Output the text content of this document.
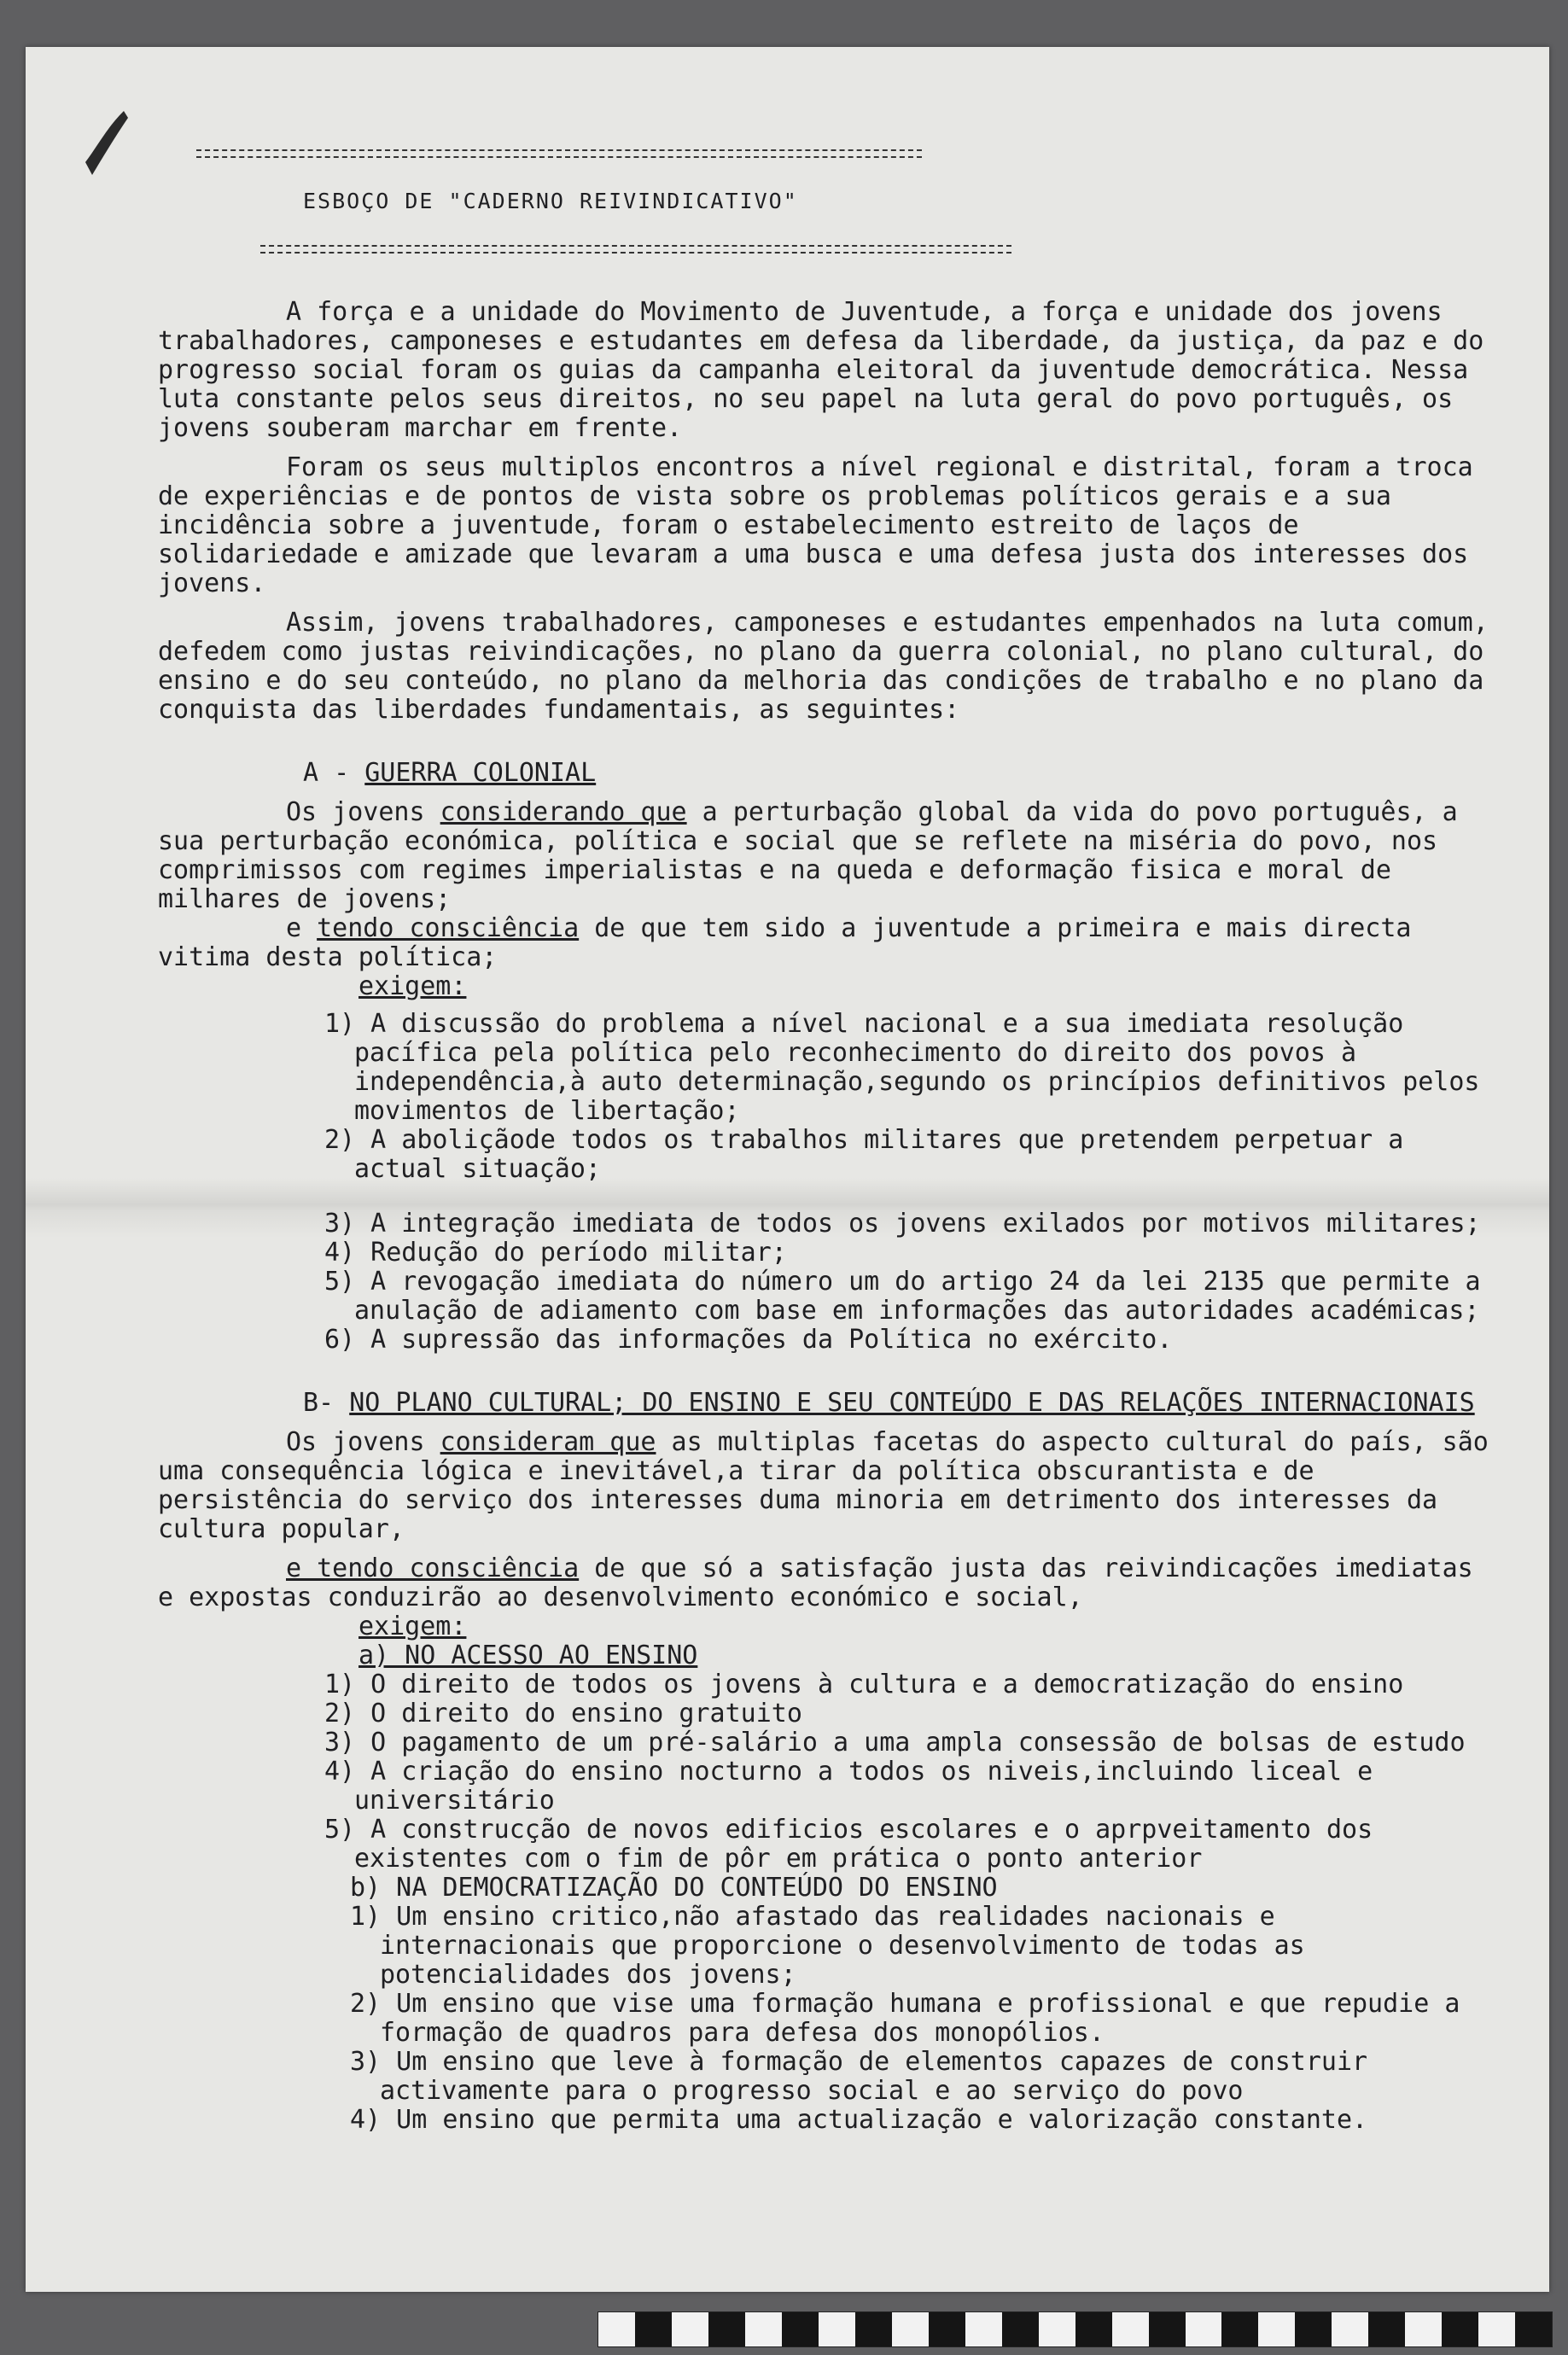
ESBOÇO DE "CADERNO REIVINDICATIVO"

A força e a unidade do Movimento de Juventude, a força e unidade dos jovens trabalhadores, camponeses e estudantes em defesa da liberdade, da justiça, da paz e do progresso social foram os guias da campanha eleitoral da juventude democrática. Nessa luta constante pelos seus direitos, no seu papel na luta geral do povo português, os jovens souberam marchar em frente.

Foram os seus multiplos encontros a nível regional e distrital, foram a troca de experiências e de pontos de vista sobre os problemas políticos gerais e a sua incidência sobre a juventude, foram o estabelecimento estreito de laços de solidariedade e amizade que levaram a uma busca e uma defesa justa dos interesses dos jovens.

Assim, jovens trabalhadores, camponeses e estudantes empenhados na luta comum, defedem como justas reivindicações, no plano da guerra colonial, no plano cultural, do ensino e do seu conteúdo, no plano da melhoria das condições de trabalho e no plano da conquista das liberdades fundamentais, as seguintes:

A - GUERRA COLONIAL

Os jovens considerando que a perturbação global da vida do povo português, a sua perturbação económica, política e social que se reflete na miséria do povo, nos comprimissos com regimes imperialistas e na queda e deformação fisica e moral de milhares de jovens;

e tendo consciência de que tem sido a juventude a primeira e mais directa vitima desta política;

exigem:

1) A discussão do problema a nível nacional e a sua imediata resolução pacífica pela política pelo reconhecimento do direito dos povos à independência,à auto determinação,segundo os princípios definitivos pelos movimentos de libertação;

2) A aboliçãode todos os trabalhos militares que pretendem perpetuar a actual situação;

3) A integração imediata de todos os jovens exilados por motivos militares;

4) Redução do período militar;

5) A revogação imediata do número um do artigo 24 da lei 2135 que permite a anulação de adiamento com base em informações das autoridades académicas;

6) A supressão das informações da Política no exército.

B- NO PLANO CULTURAL; DO ENSINO E SEU CONTEÚDO E DAS RELAÇÕES INTERNACIONAIS

Os jovens consideram que as multiplas facetas do aspecto cultural do país, são uma consequência lógica e inevitável,a tirar da política obscurantista e de persistência do serviço dos interesses duma minoria em detrimento dos interesses da cultura popular,

e tendo consciência de que só a satisfação justa das reivindicações imediatas e expostas conduzirão ao desenvolvimento económico e social,

exigem:

a) NO ACESSO AO ENSINO

1) O direito de todos os jovens à cultura e a democratização do ensino

2) O direito do ensino gratuito

3) O pagamento de um pré-salário a uma ampla consessão de bolsas de estudo

4) A criação do ensino nocturno a todos os niveis,incluindo liceal e universitário

5) A construcção de novos edificios escolares e o aprpveitamento dos existentes com o fim de pôr em prática o ponto anterior

b) NA DEMOCRATIZAÇÃO DO CONTEÚDO DO ENSINO

1) Um ensino critico,não afastado das realidades nacionais e internacionais que proporcione o desenvolvimento de todas as potencialidades dos jovens;

2) Um ensino que vise uma formação humana e profissional e que repudie a formação de quadros para defesa dos monopólios.

3) Um ensino que leve à formação de elementos capazes de construir activamente para o progresso social e ao serviço do povo

4) Um ensino que permita uma actualização e valorização constante.
